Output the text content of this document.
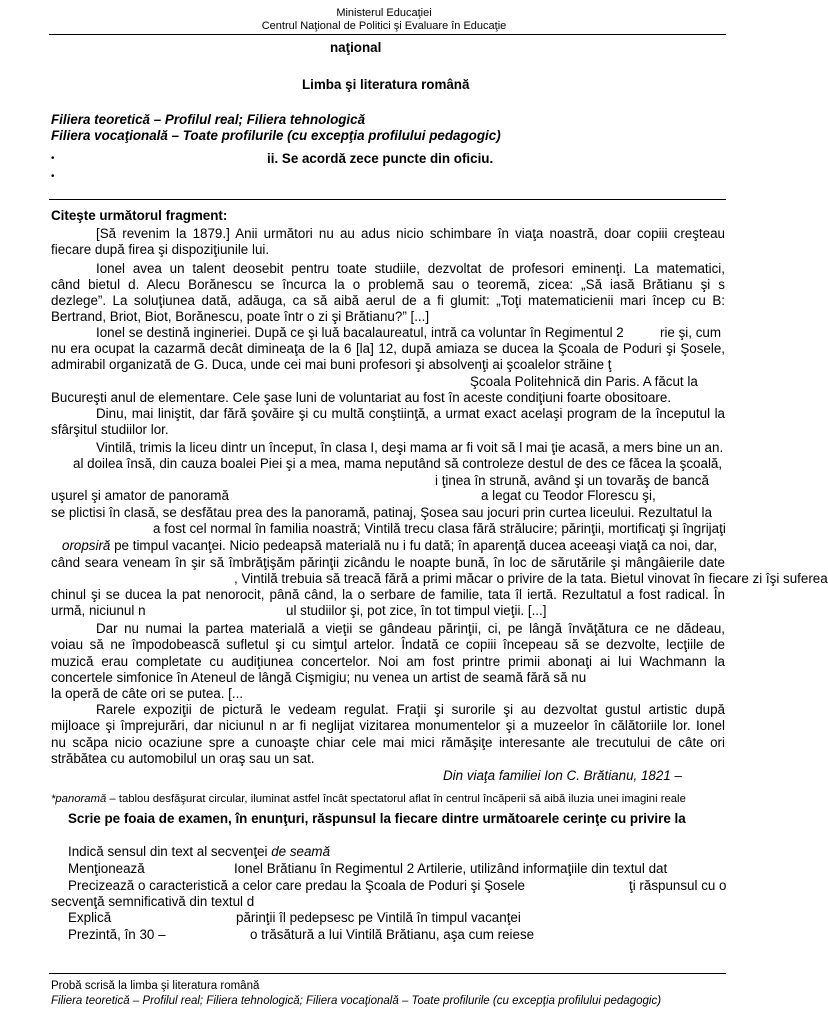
Ministerul Educaţiei
Centrul Naţional de Politici şi Evaluare în Educaţie
naţional
Limba şi literatura română
Filiera teoretică – Profilul real; Filiera tehnologică
Filiera vocaţională – Toate profilurile (cu excepţia profilului pedagogic)
•	ii. Se acordă zece puncte din oficiu.
•
Citeşte următorul fragment:
[Să revenim la 1879.] Anii următori nu au adus nicio schimbare în viaţa noastră, doar copiii creşteau
fiecare după firea şi dispoziţiunile lui.
Ionel avea un talent deosebit pentru toate studiile, dezvoltat de profesori eminenţi. La matematici,
când bietul d. Alecu Borănescu se încurca la o problemă sau o teoremă, zicea: „Să iasă Brătianu şi s
dezlege”. La soluţiunea dată, adăuga, ca să aibă aerul de a fi glumit: „Toţi matematicienii mari încep cu B:
Bertrand, Briot, Biot, Borănescu, poate într o zi şi Brătianu?” [...]
Ionel se destină ingineriei. După ce şi luă bacalaureatul, intră ca voluntar în Regimentul 2	rie şi, cum
nu era ocupat la cazarmă decât dimineaţa de la 6 [la] 12, după amiaza se ducea la Şcoala de Poduri şi Şosele,
admirabil organizată de G. Duca, unde cei mai buni profesori şi absolvenţi ai şcoalelor străine ţ
Şcoala Politehnică din Paris. A făcut la
Bucureşti anul de elementare. Cele şase luni de voluntariat au fost în aceste condiţiuni foarte obositoare.
Dinu, mai liniştit, dar fără şovăire şi cu multă conştiinţă, a urmat exact acelaşi program de la începutul la
sfârşitul studiilor lor.
Vintilă, trimis la liceu dintr un început, în clasa I, deşi mama ar fi voit să l mai ţie acasă, a mers bine un an.
al doilea însă, din cauza boalei Piei şi a mea, mama neputând să controleze destul de des ce făcea la şcoală,
i ţinea în strună, având şi un tovarăş de bancă
uşurel şi amator de panoramă	a legat cu Teodor Florescu şi,
se plictisi în clasă, se desfătau prea des la panoramă, patinaj, Şosea sau jocuri prin curtea liceului. Rezultatul la
a fost cel normal în familia noastră; Vintilă trecu clasa fără strălucire; părinţii, mortificaţi şi îngrijaţi
oropsiră pe timpul vacanţei. Nicio pedeapsă materială nu i fu dată; în aparenţă ducea aceeaşi viaţă ca noi, dar,
când seara veneam în şir să îmbrăţişăm părinţii zicându le noapte bună, în loc de sărutările şi mângâierile date
, Vintilă trebuia să treacă fără a primi măcar o privire de la tata. Bietul vinovat în fiecare zi îşi suferea
chinul şi se ducea la pat nenorocit, până când, la o serbare de familie, tata îl iertă. Rezultatul a fost radical. În
urmă, niciunul n	ul studiilor şi, pot zice, în tot timpul vieţii. [...]
Dar nu numai la partea materială a vieţii se gândeau părinţii, ci, pe lângă învăţătura ce ne dădeau,
voiau să ne împodobească sufletul şi cu simţul artelor. Îndată ce copiii începeau să se dezvolte, lecţiile de
muzică erau completate cu audiţiunea concertelor. Noi am fost printre primii abonaţi ai lui Wachmann la
concertele simfonice în Ateneul de lângă Cişmigiu; nu venea un artist de seamă fără să nu
la operă de câte ori se putea. [...
Rarele expoziţii de pictură le vedeam regulat. Fraţii şi surorile şi au dezvoltat gustul artistic după
mijloace şi împrejurări, dar niciunul n ar fi neglijat vizitarea monumentelor şi a muzeelor în călătoriile lor. Ionel
nu scăpa nicio ocaziune spre a cunoaşte chiar cele mai mici rămăşiţe interesante ale trecutului de câte ori
străbătea cu automobilul un oraş sau un sat.
Din viaţa familiei Ion C. Brătianu, 1821 –
*panoramă – tablou desfăşurat circular, iluminat astfel încât spectatorul aflat în centrul încăperii să aibă iluzia unei imagini reale
Scrie pe foaia de examen, în enunţuri, răspunsul la fiecare dintre următoarele cerinţe cu privire la
Indică sensul din text al secvenţei de seamă
Menţionează	Ionel Brătianu în Regimentul 2 Artilerie, utilizând informaţiile din textul dat
Precizează o caracteristică a celor care predau la Şcoala de Poduri şi Şosele	ţi răspunsul cu o
secvenţă semnificativă din textul d
Explică	părinţii îl pedepsesc pe Vintilă în timpul vacanţei
Prezintă, în 30 –	o trăsătură a lui Vintilă Brătianu, aşa cum reiese
Probă scrisă la limba şi literatura română
Filiera teoretică – Profilul real; Filiera tehnologică; Filiera vocaţională – Toate profilurile (cu excepţia profilului pedagogic)
